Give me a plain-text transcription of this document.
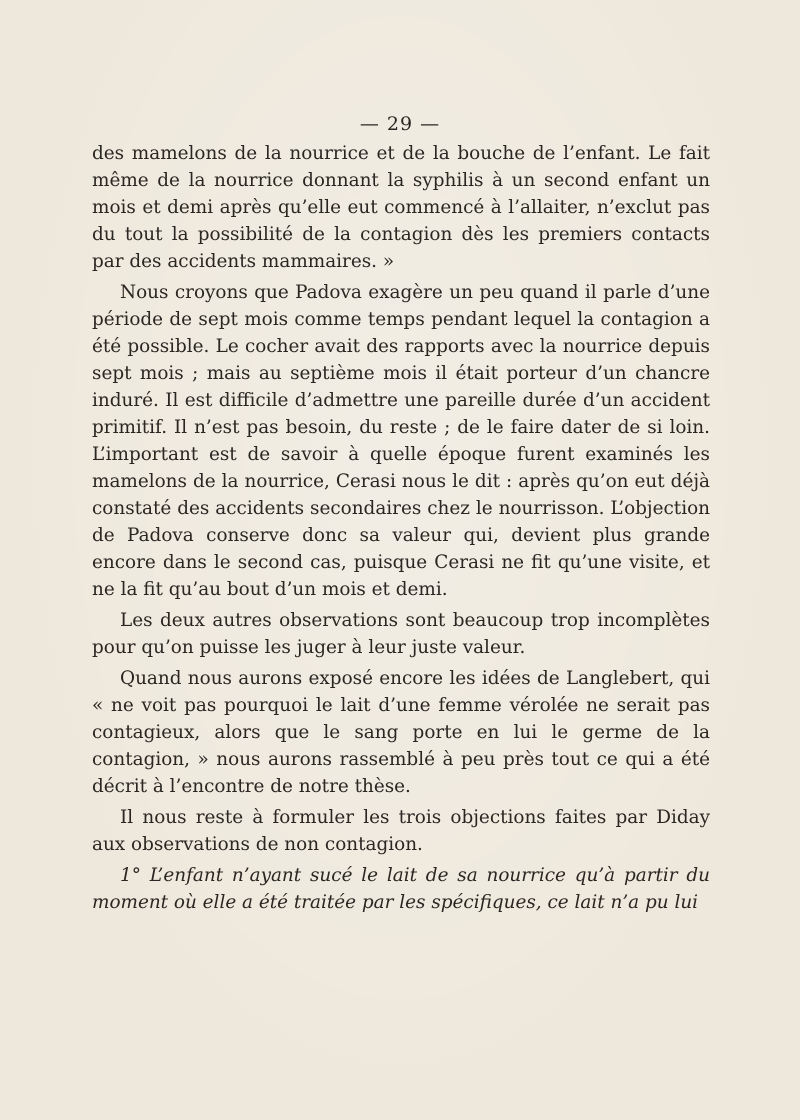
— 29 —

des mamelons de la nourrice et de la bouche de l’enfant. Le fait même de la nourrice donnant la syphilis à un second enfant un mois et demi après qu’elle eut commencé à l’allaiter, n’exclut pas du tout la possibilité de la contagion dès les premiers contacts par des accidents mammaires. »

Nous croyons que Padova exagère un peu quand il parle d’une période de sept mois comme temps pendant lequel la contagion a été possible. Le cocher avait des rapports avec la nourrice depuis sept mois ; mais au septième mois il était porteur d’un chancre induré. Il est difficile d’admettre une pareille durée d’un accident primitif. Il n’est pas besoin, du reste ; de le faire dater de si loin. L’important est de savoir à quelle époque furent examinés les mamelons de la nourrice, Cerasi nous le dit : après qu’on eut déjà constaté des accidents secondaires chez le nourrisson. L’objection de Padova conserve donc sa valeur qui, devient plus grande encore dans le second cas, puisque Cerasi ne fit qu’une visite, et ne la fit qu’au bout d’un mois et demi.

Les deux autres observations sont beaucoup trop incomplètes pour qu’on puisse les juger à leur juste valeur.

Quand nous aurons exposé encore les idées de Langlebert, qui « ne voit pas pourquoi le lait d’une femme vérolée ne serait pas contagieux, alors que le sang porte en lui le germe de la contagion, » nous aurons rassemblé à peu près tout ce qui a été décrit à l’encontre de notre thèse.

Il nous reste à formuler les trois objections faites par Diday aux observations de non contagion.

1° L’enfant n’ayant sucé le lait de sa nourrice qu’à partir du moment où elle a été traitée par les spécifiques, ce lait n’a pu lui
